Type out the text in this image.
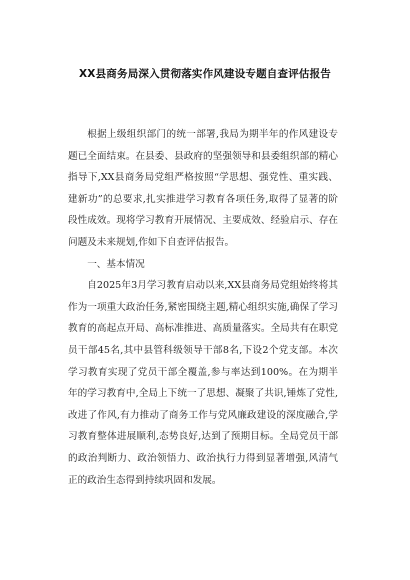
XX县商务局深入贯彻落实作风建设专题自查评估报告

根据上级组织部门的统一部署,我局为期半年的作风建设专题已全面结束。在县委、县政府的坚强领导和县委组织部的精心指导下,XX县商务局党组严格按照“学思想、强党性、重实践、建新功”的总要求,扎实推进学习教育各项任务,取得了显著的阶段性成效。现将学习教育开展情况、主要成效、经验启示、存在问题及未来规划,作如下自查评估报告。

一、基本情况

自2025年3月学习教育启动以来,XX县商务局党组始终将其作为一项重大政治任务,紧密围绕主题,精心组织实施,确保了学习教育的高起点开局、高标准推进、高质量落实。全局共有在职党员干部45名,其中县管科级领导干部8名,下设2个党支部。本次学习教育实现了党员干部全覆盖,参与率达到100%。在为期半年的学习教育中,全局上下统一了思想、凝聚了共识,锤炼了党性,改进了作风,有力推动了商务工作与党风廉政建设的深度融合,学习教育整体进展顺利,态势良好,达到了预期目标。全局党员干部的政治判断力、政治领悟力、政治执行力得到显著增强,风清气正的政治生态得到持续巩固和发展。
